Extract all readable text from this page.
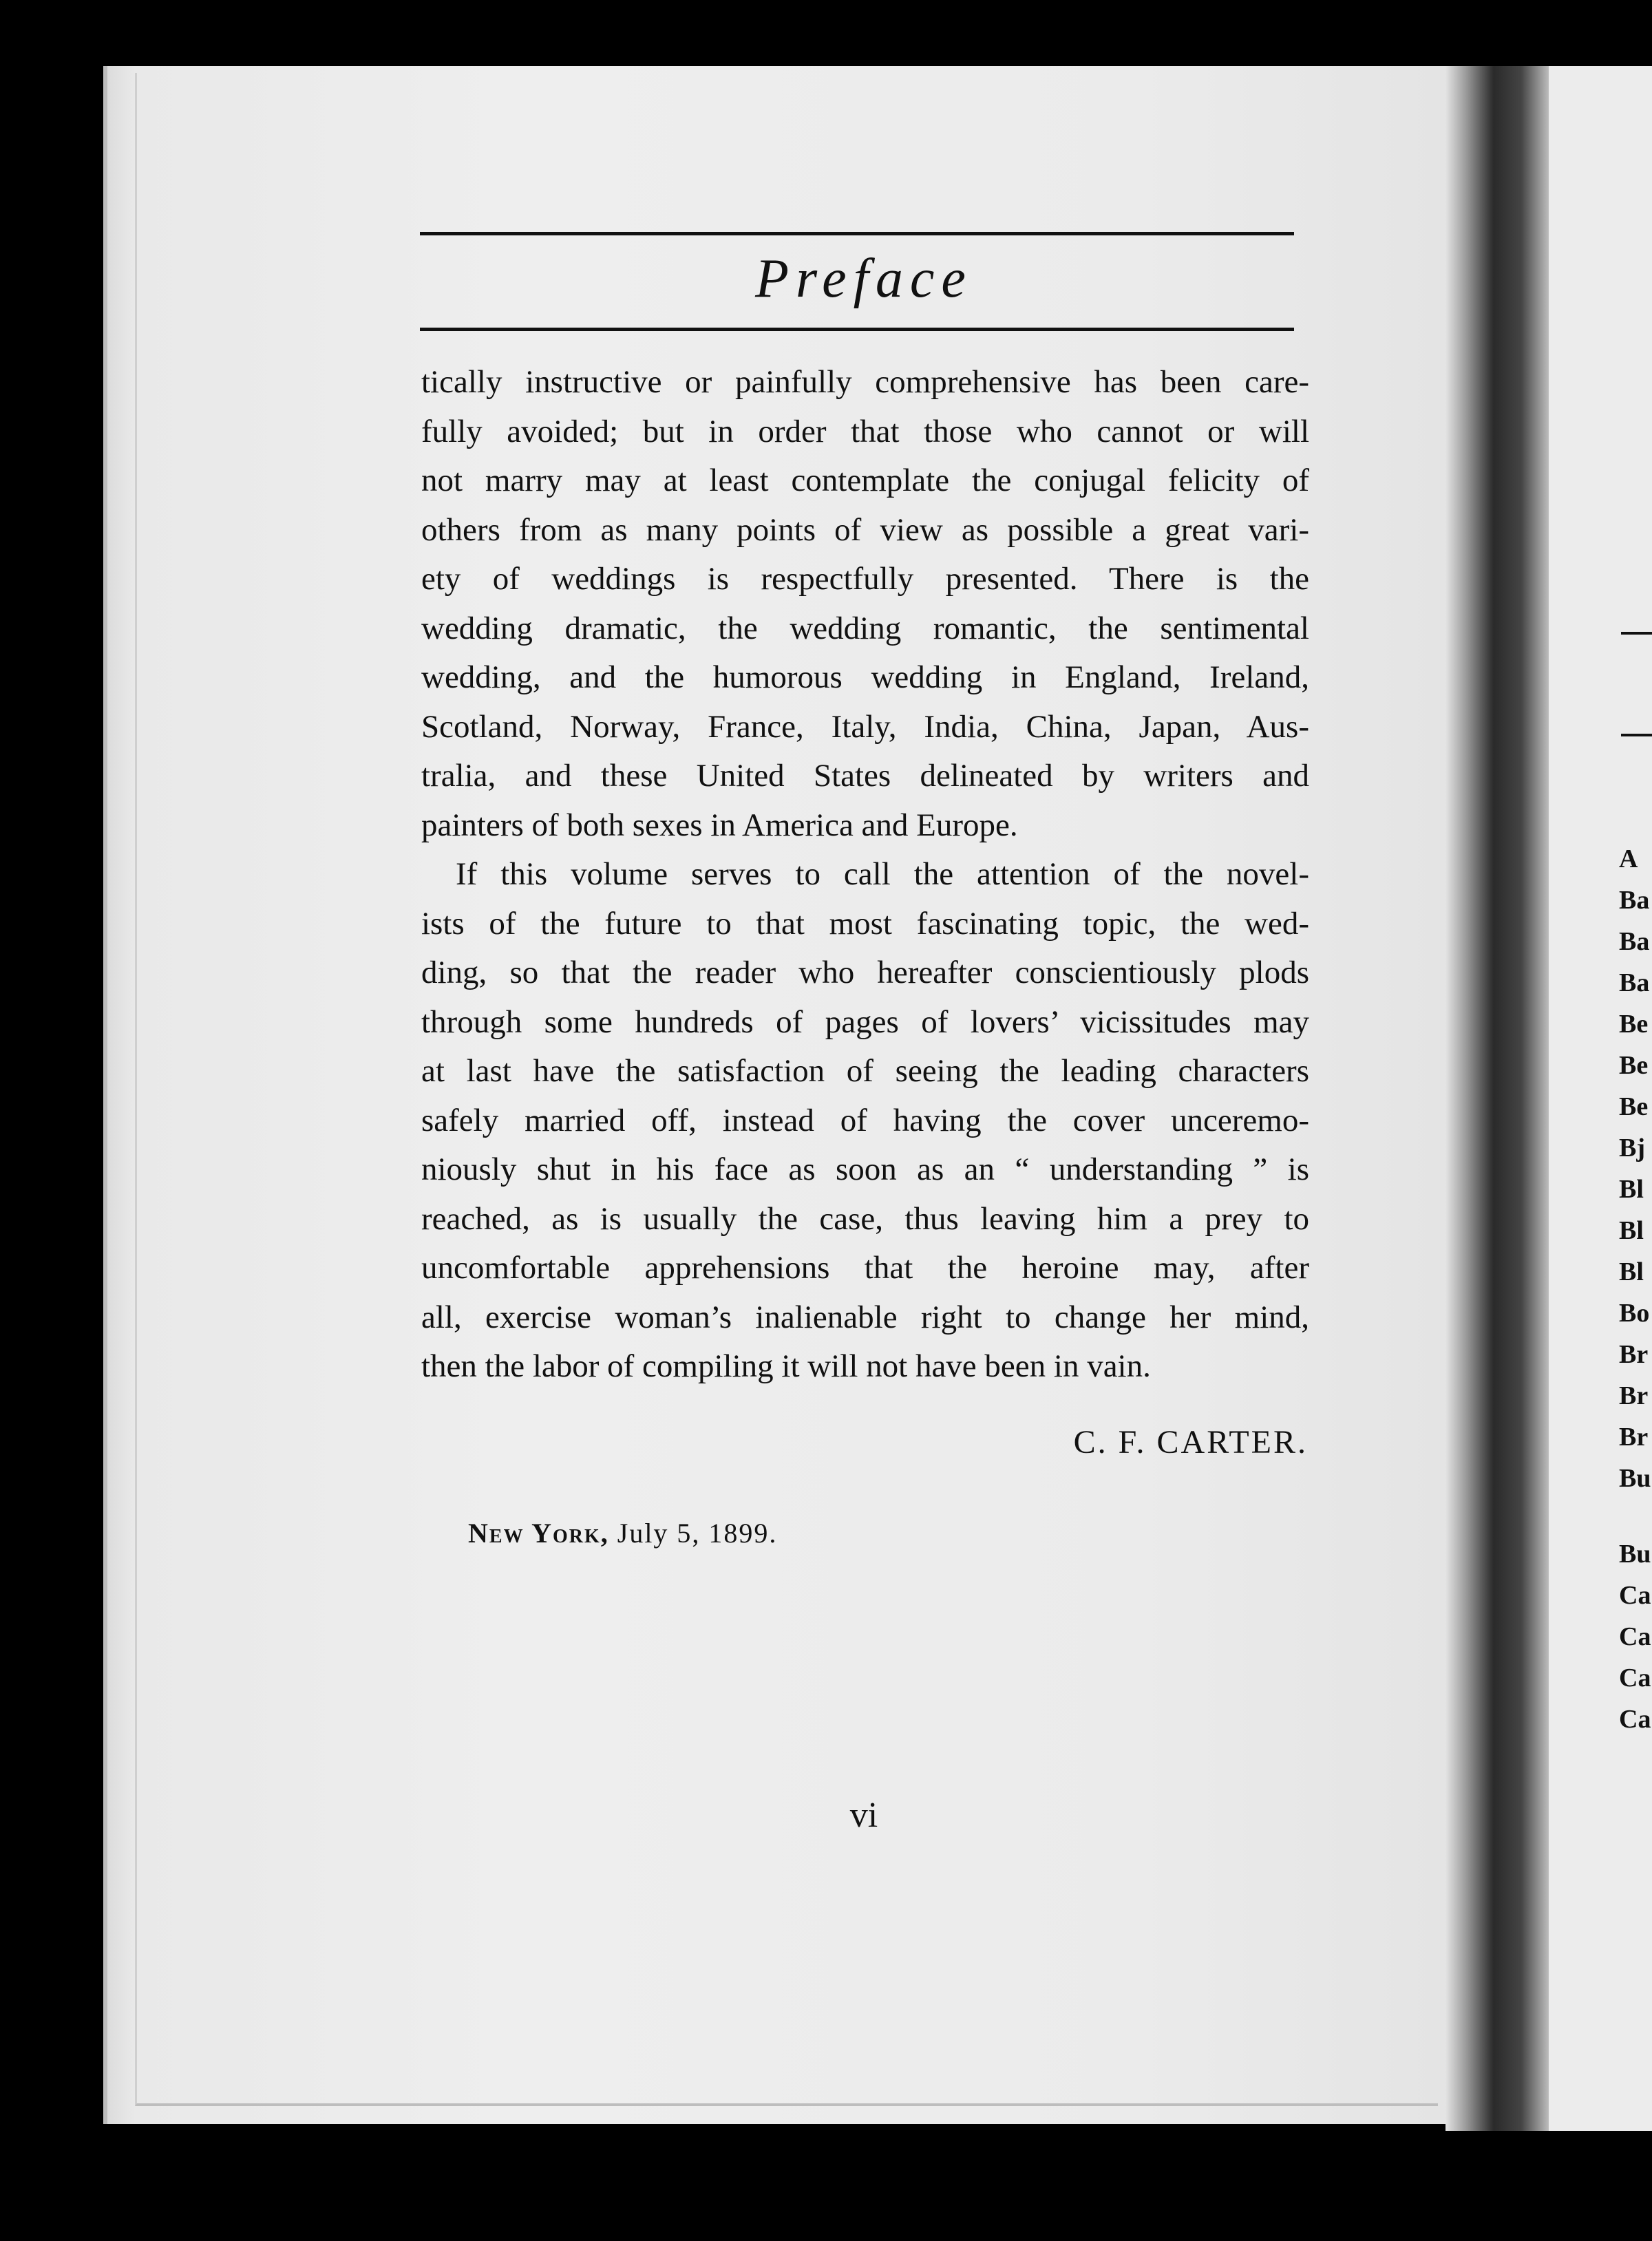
A
Ba
Ba
Ba
Be
Be
Be
Bj
Bl
Bl
Bl
Bo
Br
Br
Br
Bu
Bu
Ca
Ca
Ca
Ca
Preface

tically instructive or painfully comprehensive has been care-
fully avoided; but in order that those who cannot or will
not marry may at least contemplate the conjugal felicity of
others from as many points of view as possible a great vari-
ety of weddings is respectfully presented. There is the
wedding dramatic, the wedding romantic, the sentimental
wedding, and the humorous wedding in England, Ireland,
Scotland, Norway, France, Italy, India, China, Japan, Aus-
tralia, and these United States delineated by writers and
painters of both sexes in America and Europe.

If this volume serves to call the attention of the novel-
ists of the future to that most fascinating topic, the wed-
ding, so that the reader who hereafter conscientiously plods
through some hundreds of pages of lovers’ vicissitudes may
at last have the satisfaction of seeing the leading characters
safely married off, instead of having the cover unceremo-
niously shut in his face as soon as an “ understanding ” is
reached, as is usually the case, thus leaving him a prey to
uncomfortable apprehensions that the heroine may, after
all, exercise woman’s inalienable right to change her mind,
then the labor of compiling it will not have been in vain.

C. F. CARTER.
New York, July 5, 1899.
vi
